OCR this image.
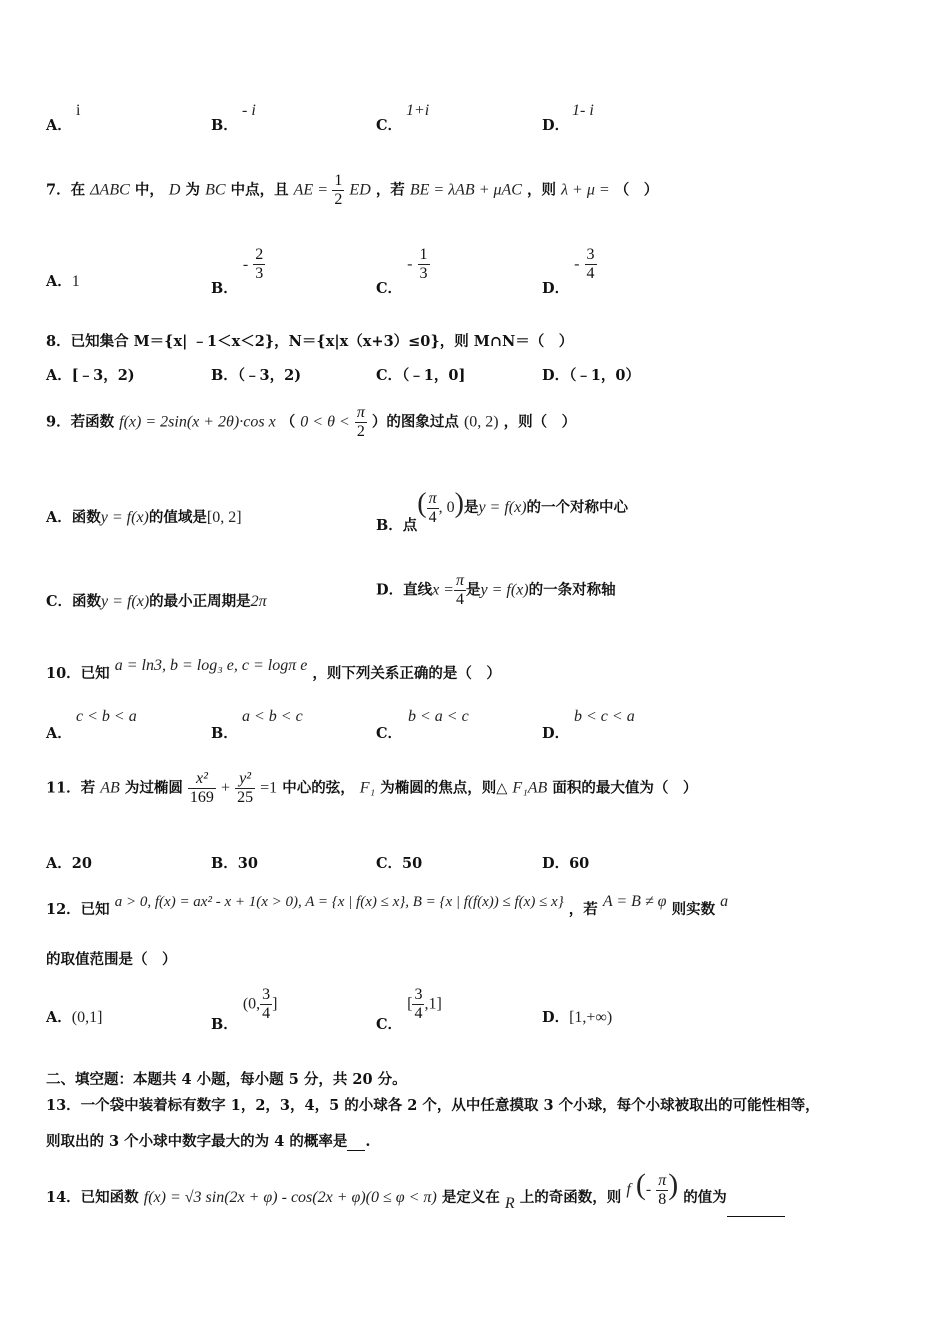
A．
i
B．
- i
C．
1+i
D．
1- i
7．在 ΔABC 中， D 为 BC 中点，且 AE = $\frac{1}{2}$ ED ，若 BE = λAB + μAC ，则 λ + μ = （　）
A．1	B． - $\frac{2}{3}$
C． - $\frac{1}{3}$
D． - $\frac{3}{4}$
8．已知集合 M＝{x| ﹣1＜x＜2}，N＝{x|x（x+3）≤0}，则 M∩N＝（　）
A．[﹣3，2)	B．（﹣3，2)	C．（﹣1，0]	D．（﹣1，0）
9．若函数 f(x) = 2sin(x + 2θ)·cos x （ $0 < \theta < \frac{\pi}{2}$ ）的图象过点 (0, 2) ，则（　）
A．函数y = f(x)的值域是[0, 2]	B．点( $\frac{\pi}{4}$ , 0)是y = f(x)的一个对称中心
C．函数y = f(x)的最小正周期是2π
D．直线$x = \frac{\pi}{4}$ 是y = f(x)的一条对称轴
10．已知 a = ln3, b = log₃ e, c = logπ e ，则下列关系正确的是（　）
A．
c < b < a
B．
a < b < c
C．
b < a < c
D．
b < c < a
11．若 AB 为过椭圆 $\frac{\text{x²}}{169} + \frac{\text{y²}}{25} =1$ 中心的弦， F₁ 为椭圆的焦点，则△ F₁AB 面积的最大值为（　）
A．20	B．30	C．50	D．60
12．已知 a > 0, f(x) = ax² - x + 1(x > 0), A = {x | f(x) ≤ x}, B = {x | f(f(x)) ≤ f(x) ≤ x} ，若 A = B ≠ φ 则实数 a
的取值范围是（　）
A．(0,1]	B． (0, $\frac{3}{4}$ ]
C． [ $\frac{3}{4} ,1$]
D．[1,+∞)
二、填空题：本题共 4 小题，每小题 5 分，共 20 分。
13．一个袋中装着标有数字 1，2，3，4，5 的小球各 2 个，从中任意摸取 3 个小球，每个小球被取出的可能性相等，
则取出的 3 个小球中数字最大的为 4 的概率是 .
14．已知函数 f(x) = √3 sin(2x + φ) - cos(2x + φ)(0 ≤ φ < π) 是定义在 R 上的奇函数，则 f (- $\frac{\pi}{8}$ ) 的值为
